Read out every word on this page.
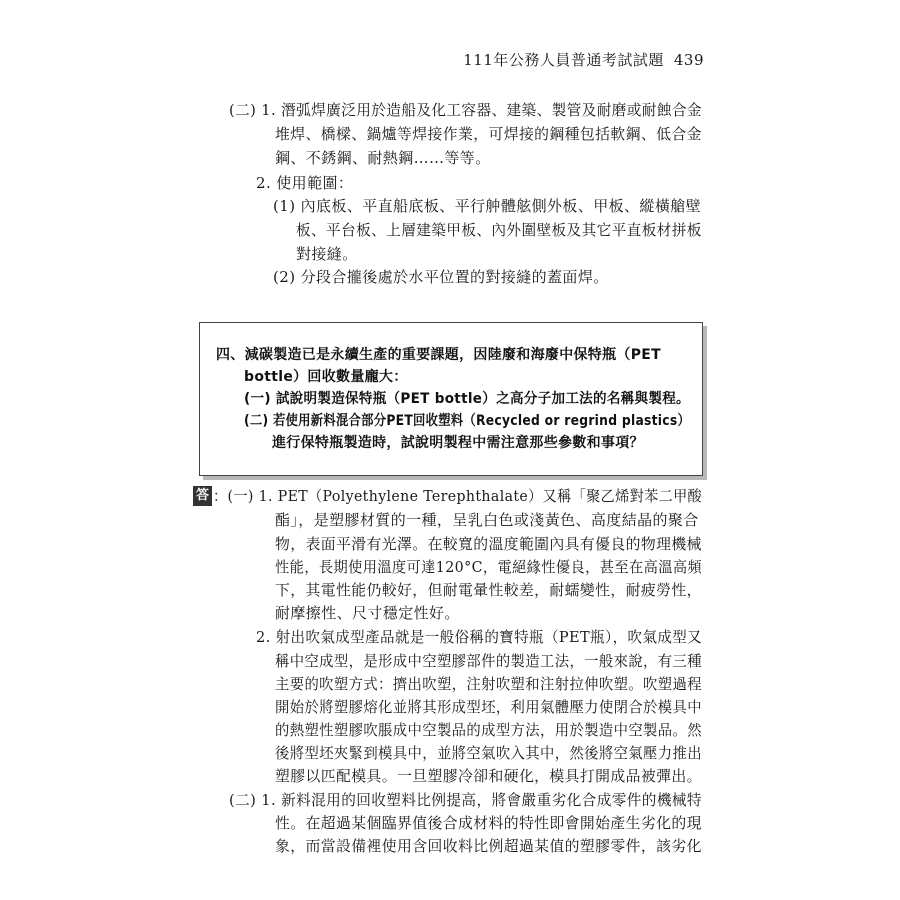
111年公務人員普通考試試題 439
(二) 1. 潛弧焊廣泛用於造船及化工容器、建築、製管及耐磨或耐蝕合金
堆焊、橋樑、鍋爐等焊接作業，可焊接的鋼種包括軟鋼、低合金
鋼、不銹鋼、耐熱鋼……等等。
2. 使用範圍：
(1) 內底板、平直船底板、平行舯體舷側外板、甲板、縱橫艙壁
板、平台板、上層建築甲板、內外圍壁板及其它平直板材拼板
對接縫。
(2) 分段合攏後處於水平位置的對接縫的蓋面焊。
四、減碳製造已是永續生產的重要課題，因陸廢和海廢中保特瓶（PET
bottle）回收數量龐大：
(一) 試說明製造保特瓶（PET bottle）之高分子加工法的名稱與製程。
(二) 若使用新料混合部分PET回收塑料（Recycled or regrind plastics）
進行保特瓶製造時，試說明製程中需注意那些參數和事項？
答 ：(一) 1. PET（Polyethylene Terephthalate）又稱「聚乙烯對苯二甲酸
酯」，是塑膠材質的一種，呈乳白色或淺黃色、高度結晶的聚合
物，表面平滑有光澤。在較寬的溫度範圍內具有優良的物理機械
性能，長期使用溫度可達120°C，電絕緣性優良，甚至在高溫高頻
下，其電性能仍較好，但耐電暈性較差，耐蠕變性，耐疲勞性，
耐摩擦性、尺寸穩定性好。
2. 射出吹氣成型產品就是一般俗稱的寶特瓶（PET瓶），吹氣成型又
稱中空成型，是形成中空塑膠部件的製造工法，一般來說，有三種
主要的吹塑方式：擠出吹塑，注射吹塑和注射拉伸吹塑。吹塑過程
開始於將塑膠熔化並將其形成型坯，利用氣體壓力使閉合於模具中
的熱塑性塑膠吹脹成中空製品的成型方法，用於製造中空製品。然
後將型坯夾緊到模具中，並將空氣吹入其中，然後將空氣壓力推出
塑膠以匹配模具。一旦塑膠冷卻和硬化，模具打開成品被彈出。
(二) 1. 新料混用的回收塑料比例提高，將會嚴重劣化合成零件的機械特
性。在超過某個臨界值後合成材料的特性即會開始產生劣化的現
象，而當設備裡使用含回收料比例超過某值的塑膠零件，該劣化
